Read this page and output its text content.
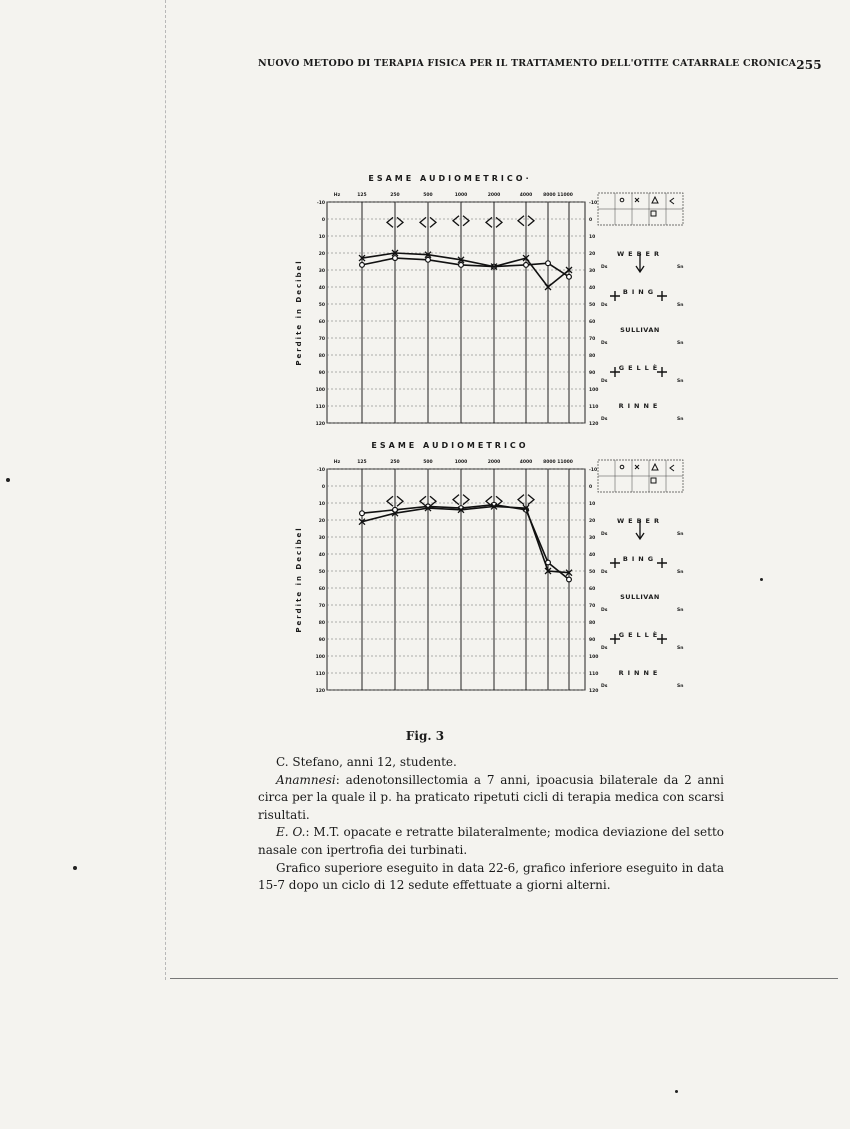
NUOVO METODO DI TERAPIA FISICA PER IL TRATTAMENTO DELL'OTITE CATARRALE CRONICA 255
ESAME AUDIOMETRICO·
Hz	125	250	500	1000	2000	4000 8000 11000
-10	-10
0	0
10	10
20	20
30	30
40	40
50	50
60	60
70	70
80	80
90	90
100	100
110	110
120	120
Perdite in Decibel
WEBER
Ds	Sn
BING
Ds	Sn
SULLIVAN
Ds	Sn
GELLÈ
Ds	Sn
RINNE
Ds	Sn
ESAME AUDIOMETRICO
Hz	125	250	500	1000	2000	4000 8000 11000
-10	-10
0	0
10	10
20	20
30	30
40	40
50	50
60	60
70	70
80	80
90	90
100	100
110	110
120	120
Perdite in Decibel
WEBER
Ds	Sn
BING
Ds	Sn
SULLIVAN
Ds	Sn
GELLÈ
Ds	Sn
RINNE
Ds	Sn
Fig. 3

C. Stefano, anni 12, studente.

Anamnesi: adenotonsillectomia a 7 anni, ipoacusia bilaterale da 2 anni circa per la quale il p. ha praticato ripetuti cicli di terapia medica con scarsi risultati.

E. O.: M.T. opacate e retratte bilateralmente; modica deviazione del setto nasale con ipertrofia dei turbinati.

Grafico superiore eseguito in data 22-6, grafico inferiore eseguito in data 15-7 dopo un ciclo di 12 sedute effettuate a giorni alterni.
